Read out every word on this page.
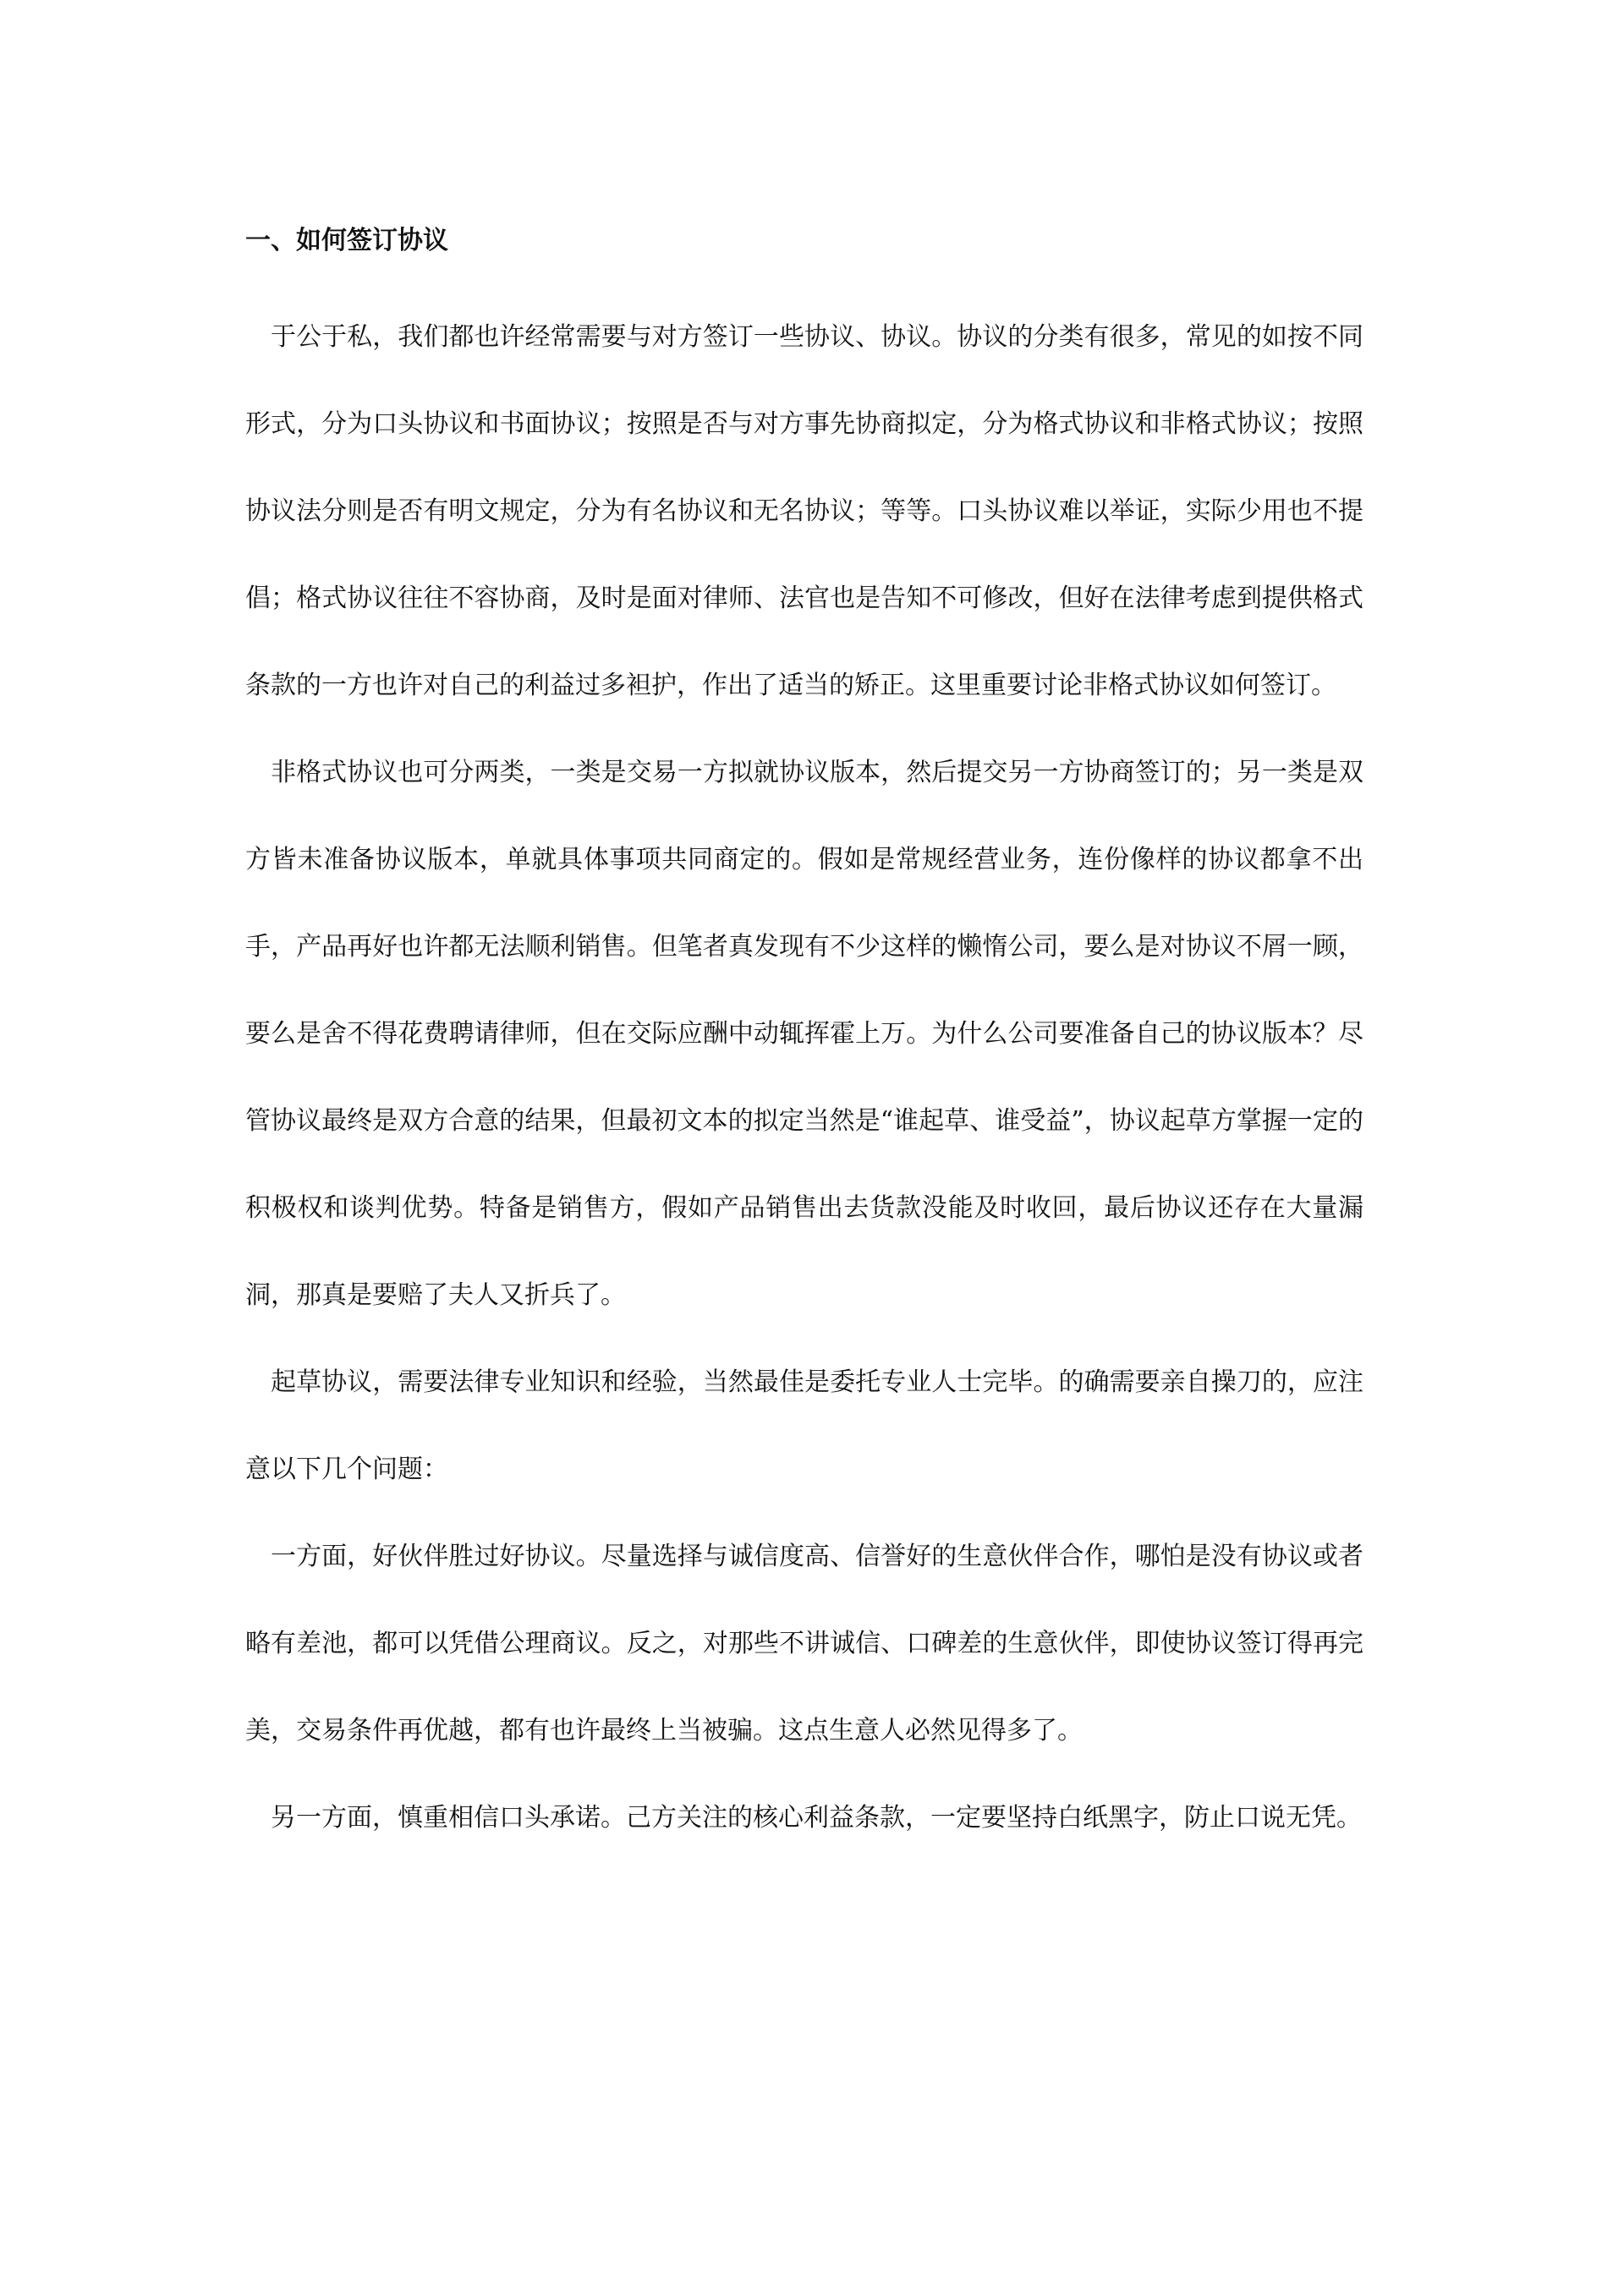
一、如何签订协议

于公于私，我们都也许经常需要与对方签订一些协议、协议。协议的分类有很多，常见的如按不同形式，分为口头协议和书面协议；按照是否与对方事先协商拟定，分为格式协议和非格式协议；按照协议法分则是否有明文规定，分为有名协议和无名协议；等等。口头协议难以举证，实际少用也不提倡；格式协议往往不容协商，及时是面对律师、法官也是告知不可修改，但好在法律考虑到提供格式条款的一方也许对自己的利益过多袒护，作出了适当的矫正。这里重要讨论非格式协议如何签订。

非格式协议也可分两类，一类是交易一方拟就协议版本，然后提交另一方协商签订的；另一类是双方皆未准备协议版本，单就具体事项共同商定的。假如是常规经营业务，连份像样的协议都拿不出手，产品再好也许都无法顺利销售。但笔者真发现有不少这样的懒惰公司，要么是对协议不屑一顾，要么是舍不得花费聘请律师，但在交际应酬中动辄挥霍上万。为什么公司要准备自己的协议版本？尽管协议最终是双方合意的结果，但最初文本的拟定当然是“谁起草、谁受益”，协议起草方掌握一定的积极权和谈判优势。特备是销售方，假如产品销售出去货款没能及时收回，最后协议还存在大量漏洞，那真是要赔了夫人又折兵了。

起草协议，需要法律专业知识和经验，当然最佳是委托专业人士完毕。的确需要亲自操刀的，应注意以下几个问题：

一方面，好伙伴胜过好协议。尽量选择与诚信度高、信誉好的生意伙伴合作，哪怕是没有协议或者略有差池，都可以凭借公理商议。反之，对那些不讲诚信、口碑差的生意伙伴，即使协议签订得再完美，交易条件再优越，都有也许最终上当被骗。这点生意人必然见得多了。

另一方面，慎重相信口头承诺。己方关注的核心利益条款，一定要坚持白纸黑字，防止口说无凭。
